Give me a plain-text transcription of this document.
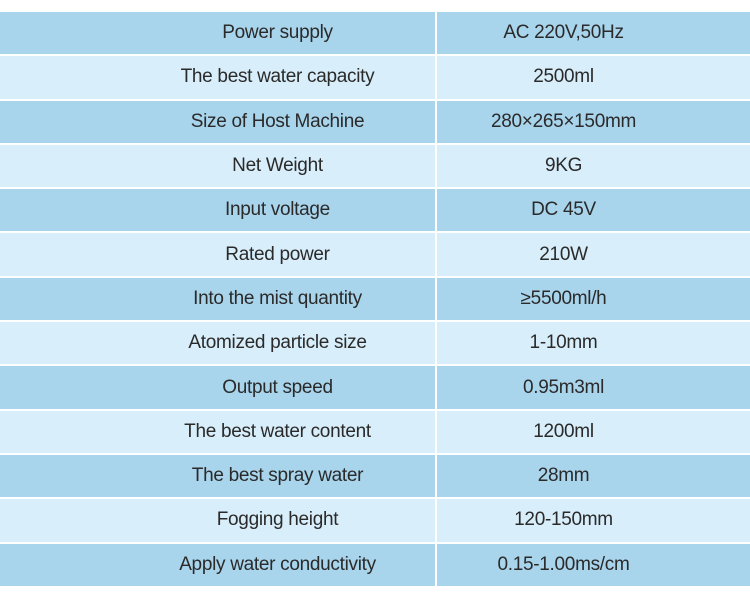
Power supply	AC 220V,50Hz
The best water capacity	2500ml
Size of Host Machine	280×265×150mm
Net Weight	9KG
Input voltage	DC 45V
Rated power	210W
Into the mist quantity	≥5500ml/h
Atomized particle size	1-10mm
Output speed	0.95m3ml
The best water content	1200ml
The best spray water	28mm
Fogging height	120-150mm
Apply water conductivity	0.15-1.00ms/cm
